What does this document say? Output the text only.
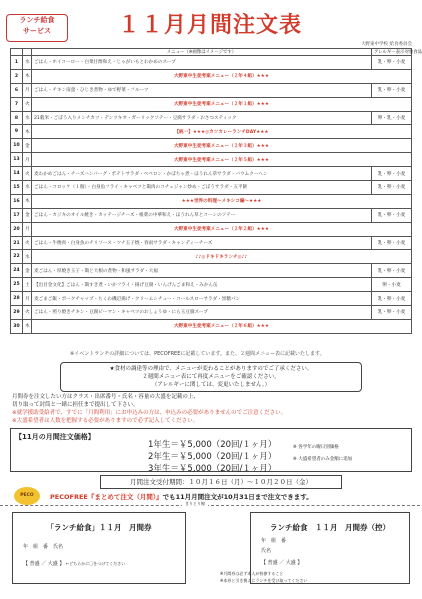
ランチ給食
サービス	１１月月間注文表
大野東中学校 給食委員会
		メニュー（※画像はイメージです）	アレルギー表示対象食品
1	水	ごはん・ホイコーロー・白菜甘酢和え・じゃがいもとわかめのスープ	乳・卵・小麦
2	木	大野東中生徒考案メニュー（２年４組）★★★	
6	月	ごはん・チキン南蛮・ひじき煮物・ゆで野菜・フルーツ	乳・卵・小麦
7	火	大野東中生徒考案メニュー（２年１組）★★★	
8	水	21穀米・ごぼう入りメンチカツ・デンツキオ・ガーリックソテー・豆腐サラダ・おさつスティック	卵・乳・小麦
9	木	【統一】★★★◎カツカレーランチDAY★★★	
10	金	大野東中生徒考案メニュー（２年３組）★★★	
13	月	大野東中生徒考案メニュー（２年５組）★★★	
14	火	麦わかめごはん・チーズハンバーグ・ポテトサラダ・ペペロン・かぼちゃ煮・ほうれん草サラダ・バウムクーヘン	乳・卵・小麦
15	水	ごはん・コロッケ（１個）・白身魚フライ・キャベツと鶏肉のコチュジャン炒め・ごぼうサラダ・五平餅	乳・卵・小麦
16	木	★★★世界の料理～メキシコ編～★★★	
17	金	ごはん・カジキのオイル焼き・カッテージチーズ・根菜の中華和え・ほうれん草とコーンのソテー	乳・卵・小麦
20	月	大野東中生徒考案メニュー（２年２組）★★★	
21	火	ごはん・牛焼肉・白身魚のチリソース・ツナ玉子焼・春雨サラダ・キャンディーチーズ	乳・卵・小麦
22	水	♪♪◎ドキドキランチ◎♪♪	
24	金	麦ごはん・厚焼き玉子・鶏と大根の煮物・和風サラダ・大福	乳・卵・小麦
25	土	【出目金文化】ごはん・鶏すき煮・いかフライ・揚げ豆腐・いんげんごま和え・みかん缶	卵・小麦
28	月	麦ごまご飯・ポークチャップ・ちくわ磯辺揚げ・クリームシチュー・コールスローサラダ・黒糖パン	乳・卵・小麦
29	火	ごはん・照り焼きチキン・豆腐ピーマン・キャベツのおしょうゆ・にら玉豆腐スープ	乳・卵・小麦
30	木	大野東中生徒考案メニュー（２年６組）★★★	
※イベントランチの詳細については、PECOFREEに記載しています。また、２週間メニュー表に記載いたします。
★食材の調達等の理由で、メニューが変わることがありますのでご了承ください。
２週間メニュー表にて再度メニューをご確認ください。
（アレルギーに関しては、変更いたしません。）
月間券を注文したい方はクラス・出席番号・氏名・容量の大盛を記載の上、
切り取って封筒と一緒に担任まで提出して下さい。
※就学援助受給者で、すでに「月間利用」にお申込みの方は、申込みの必要がありませんのでご注意ください。
※大盛希望者は人数を把握する必要がありますので必ず記入してください。
【11月の月間注文価格】
1年生＝￥5,000（20回/１ヶ月）
2年生＝￥5,000（20回/１ヶ月）
3年生＝￥5,000（20回/１ヶ月）
※ 各学年の曜日別価格
※ 大盛希望者のみ金額に追加
月間注文受付期間：１０月１６日（月）～１０月２０日（金）
PECO	PECOFREE『まとめて注文（月間）』でも11月月間注文が10月31日まで注文できます。
きりとり線
「ランチ給食」１１月　月間券
年　組　番　氏名
【 普盛 ／ 大盛 】 ←どちらかに〇をつけてください
ランチ給食　１１月　月間券（控）
年　組　番
氏名
【 普盛 ／ 大盛 】
※月間券は必ず本人が持参すること
※本券と引き換えにランチを受け取ってください
